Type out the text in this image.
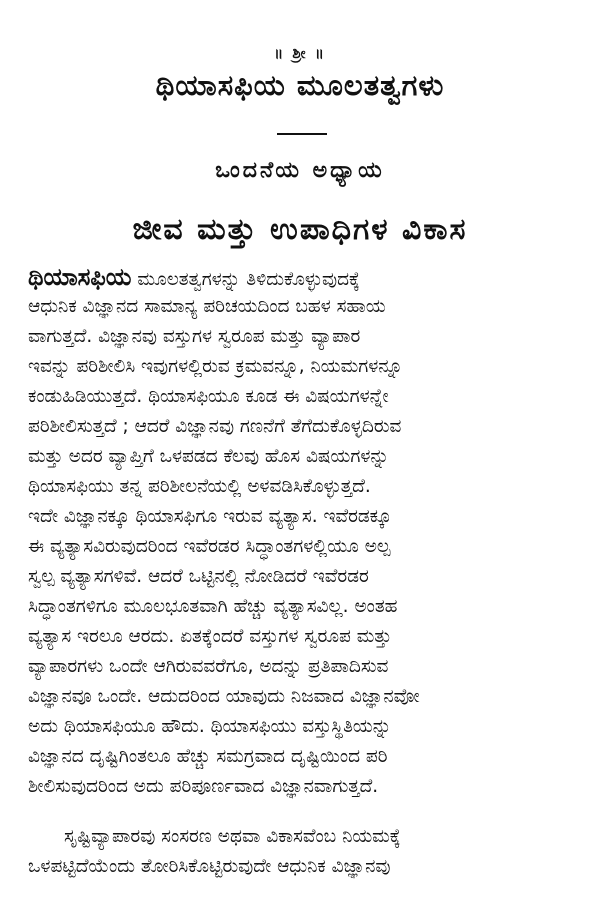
॥ ಶ್ರೀ ॥
ಥಿಯಾಸಫಿಯ ಮೂಲತತ್ವಗಳು
ಒಂದನೆಯ ಅಧ್ಯಾಯ
ಜೀವ ಮತ್ತು ಉಪಾಧಿಗಳ ವಿಕಾಸ
ಥಿಯಾಸಫಿಯ ಮೂಲತತ್ವಗಳನ್ನು ತಿಳಿದುಕೊಳ್ಳುವುದಕ್ಕೆ
ಆಧುನಿಕ ವಿಜ್ಞಾನದ ಸಾಮಾನ್ಯ ಪರಿಚಯದಿಂದ ಬಹಳ ಸಹಾಯ
ವಾಗುತ್ತದೆ. ವಿಜ್ಞಾನವು ವಸ್ತುಗಳ ಸ್ವರೂಪ ಮತ್ತು ವ್ಯಾಪಾರ
ಇವನ್ನು ಪರಿಶೀಲಿಸಿ ಇವುಗಳಲ್ಲಿರುವ ಕ್ರಮವನ್ನೂ, ನಿಯಮಗಳನ್ನೂ
ಕಂಡುಹಿಡಿಯುತ್ತದೆ. ಥಿಯಾಸಫಿಯೂ ಕೂಡ ಈ ವಿಷಯಗಳನ್ನೇ
ಪರಿಶೀಲಿಸುತ್ತದೆ ; ಆದರೆ ವಿಜ್ಞಾನವು ಗಣನೆಗೆ ತೆಗೆದುಕೊಳ್ಳದಿರುವ
ಮತ್ತು ಅದರ ವ್ಯಾಪ್ತಿಗೆ ಒಳಪಡದ ಕೆಲವು ಹೊಸ ವಿಷಯಗಳನ್ನು
ಥಿಯಾಸಫಿಯು ತನ್ನ ಪರಿಶೀಲನೆಯಲ್ಲಿ ಅಳವಡಿಸಿಕೊಳ್ಳುತ್ತದೆ.
ಇದೇ ವಿಜ್ಞಾನಕ್ಕೂ ಥಿಯಾಸಫಿಗೂ ಇರುವ ವ್ಯತ್ಯಾಸ. ಇವೆರಡಕ್ಕೂ
ಈ ವ್ಯತ್ಯಾಸವಿರುವುದರಿಂದ ಇವೆರಡರ ಸಿದ್ಧಾಂತಗಳಲ್ಲಿಯೂ ಅಲ್ಪ
ಸ್ವಲ್ಪ ವ್ಯತ್ಯಾಸಗಳಿವೆ. ಆದರೆ ಒಟ್ಟಿನಲ್ಲಿ ನೋಡಿದರೆ ಇವೆರಡರ
ಸಿದ್ಧಾಂತಗಳಿಗೂ ಮೂಲಭೂತವಾಗಿ ಹೆಚ್ಚು ವ್ಯತ್ಯಾಸವಿಲ್ಲ. ಅಂತಹ
ವ್ಯತ್ಯಾಸ ಇರಲೂ ಆರದು. ಏತಕ್ಕೆಂದರೆ ವಸ್ತುಗಳ ಸ್ವರೂಪ ಮತ್ತು
ವ್ಯಾಪಾರಗಳು ಒಂದೇ ಆಗಿರುವವರೆಗೂ, ಅದನ್ನು ಪ್ರತಿಪಾದಿಸುವ
ವಿಜ್ಞಾನವೂ ಒಂದೇ. ಆದುದರಿಂದ ಯಾವುದು ನಿಜವಾದ ವಿಜ್ಞಾನವೋ
ಅದು ಥಿಯಾಸಫಿಯೂ ಹೌದು. ಥಿಯಾಸಫಿಯು ವಸ್ತುಸ್ಥಿತಿಯನ್ನು
ವಿಜ್ಞಾನದ ದೃಷ್ಟಿಗಿಂತಲೂ ಹೆಚ್ಚು ಸಮಗ್ರವಾದ ದೃಷ್ಟಿಯಿಂದ ಪರಿ
ಶೀಲಿಸುವುದರಿಂದ ಅದು ಪರಿಪೂರ್ಣವಾದ ವಿಜ್ಞಾನವಾಗುತ್ತದೆ.
ಸೃಷ್ಟಿವ್ಯಾಪಾರವು ಸಂಸರಣ ಅಥವಾ ವಿಕಾಸವೆಂಬ ನಿಯಮಕ್ಕೆ
ಒಳಪಟ್ಟಿದೆಯೆಂದು ತೋರಿಸಿಕೊಟ್ಟಿರುವುದೇ ಆಧುನಿಕ ವಿಜ್ಞಾನವು
